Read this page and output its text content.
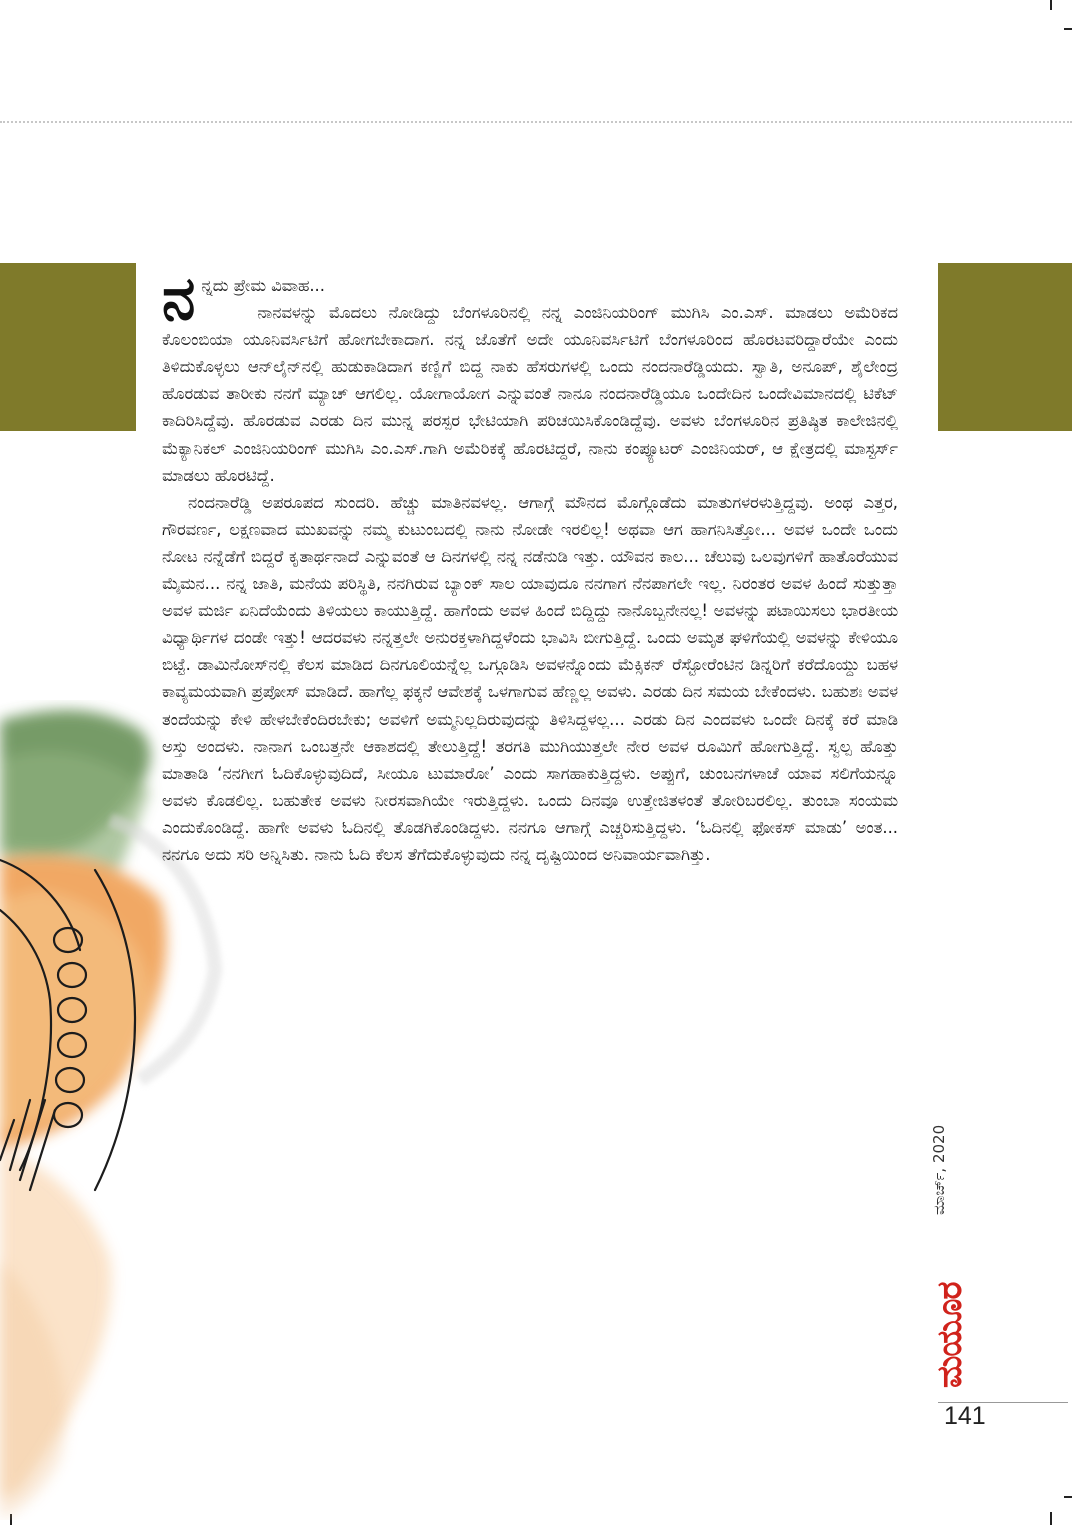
ನ ನ್ನದು ಪ್ರೇಮ ವಿವಾಹ...

ನಾನವಳನ್ನು ಮೊದಲು ನೋಡಿದ್ದು ಬೆಂಗಳೂರಿನಲ್ಲಿ ನನ್ನ ಎಂಜಿನಿಯರಿಂಗ್ ಮುಗಿಸಿ ಎಂ.ಎಸ್. ಮಾಡಲು ಅಮೆರಿಕದ ಕೊಲಂಬಿಯಾ ಯೂನಿವರ್ಸಿಟಿಗೆ ಹೋಗಬೇಕಾದಾಗ. ನನ್ನ ಜೊತೆಗೆ ಅದೇ ಯೂನಿವರ್ಸಿಟಿಗೆ ಬೆಂಗಳೂರಿಂದ ಹೊರಟವರಿದ್ದಾರೆಯೇ ಎಂದು ತಿಳಿದುಕೊಳ್ಳಲು ಆನ್‌ಲೈನ್‌ನಲ್ಲಿ ಹುಡುಕಾಡಿದಾಗ ಕಣ್ಣಿಗೆ ಬಿದ್ದ ನಾಕು ಹೆಸರುಗಳಲ್ಲಿ ಒಂದು ನಂದನಾರೆಡ್ಡಿಯದು. ಸ್ವಾತಿ, ಅನೂಪ್, ಶೈಲೇಂದ್ರ ಹೊರಡುವ ತಾರೀಕು ನನಗೆ ಮ್ಯಾಚ್ ಆಗಲಿಲ್ಲ. ಯೋಗಾಯೋಗ ಎನ್ನುವಂತೆ ನಾನೂ ನಂದನಾರೆಡ್ಡಿಯೂ ಒಂದೇದಿನ ಒಂದೇವಿಮಾನದಲ್ಲಿ ಟಿಕೆಟ್ ಕಾದಿರಿಸಿದ್ದೆವು. ಹೊರಡುವ ಎರಡು ದಿನ ಮುನ್ನ ಪರಸ್ಪರ ಭೇಟಿಯಾಗಿ ಪರಿಚಯಿಸಿಕೊಂಡಿದ್ದೆವು. ಅವಳು ಬೆಂಗಳೂರಿನ ಪ್ರತಿಷ್ಠಿತ ಕಾಲೇಜಿನಲ್ಲಿ ಮೆಕ್ಯಾನಿಕಲ್ ಎಂಜಿನಿಯರಿಂಗ್ ಮುಗಿಸಿ ಎಂ.ಎಸ್.ಗಾಗಿ ಅಮೆರಿಕಕ್ಕೆ ಹೊರಟಿದ್ದರೆ, ನಾನು ಕಂಪ್ಯೂಟರ್ ಎಂಜಿನಿಯರ್, ಆ ಕ್ಷೇತ್ರದಲ್ಲಿ ಮಾಸ್ಟರ್ಸ್ ಮಾಡಲು ಹೊರಟಿದ್ದೆ.

ನಂದನಾರೆಡ್ಡಿ ಅಪರೂಪದ ಸುಂದರಿ. ಹೆಚ್ಚು ಮಾತಿನವಳಲ್ಲ. ಆಗಾಗ್ಗೆ ಮೌನದ ಮೊಗ್ಗೊಡೆದು ಮಾತುಗಳರಳುತ್ತಿದ್ದವು. ಅಂಥ ಎತ್ತರ, ಗೌರವರ್ಣ, ಲಕ್ಷಣವಾದ ಮುಖವನ್ನು ನಮ್ಮ ಕುಟುಂಬದಲ್ಲಿ ನಾನು ನೋಡೇ ಇರಲಿಲ್ಲ! ಅಥವಾ ಆಗ ಹಾಗನಿಸಿತ್ತೋ... ಅವಳ ಒಂದೇ ಒಂದು ನೋಟ ನನ್ನೆಡೆಗೆ ಬಿದ್ದರೆ ಕೃತಾರ್ಥನಾದೆ ಎನ್ನುವಂತೆ ಆ ದಿನಗಳಲ್ಲಿ ನನ್ನ ನಡೆನುಡಿ ಇತ್ತು. ಯೌವನ ಕಾಲ... ಚೆಲುವು ಒಲವುಗಳಿಗೆ ಹಾತೊರೆಯುವ ಮೈಮನ... ನನ್ನ ಜಾತಿ, ಮನೆಯ ಪರಿಸ್ಥಿತಿ, ನನಗಿರುವ ಬ್ಯಾಂಕ್ ಸಾಲ ಯಾವುದೂ ನನಗಾಗ ನೆನಪಾಗಲೇ ಇಲ್ಲ. ನಿರಂತರ ಅವಳ ಹಿಂದೆ ಸುತ್ತುತ್ತಾ ಅವಳ ಮರ್ಜಿ ಏನಿದೆಯೆಂದು ತಿಳಿಯಲು ಕಾಯುತ್ತಿದ್ದೆ. ಹಾಗೆಂದು ಅವಳ ಹಿಂದೆ ಬಿದ್ದಿದ್ದು ನಾನೊಬ್ಬನೇನಲ್ಲ! ಅವಳನ್ನು ಪಟಾಯಿಸಲು ಭಾರತೀಯ ವಿಧ್ಯಾರ್ಥಿಗಳ ದಂಡೇ ಇತ್ತು! ಆದರವಳು ನನ್ನತ್ತಲೇ ಅನುರಕ್ತಳಾಗಿದ್ದಳೆಂದು ಭಾವಿಸಿ ಬೀಗುತ್ತಿದ್ದೆ. ಒಂದು ಅಮೃತ ಘಳಿಗೆಯಲ್ಲಿ ಅವಳನ್ನು ಕೇಳಿಯೂ ಬಿಟ್ಟೆ. ಡಾಮಿನೋಸ್‌ನಲ್ಲಿ ಕೆಲಸ ಮಾಡಿದ ದಿನಗೂಲಿಯನ್ನೆಲ್ಲ ಒಗ್ಗೂಡಿಸಿ ಅವಳನ್ನೊಂದು ಮೆಕ್ಸಿಕನ್ ರೆಸ್ಟೋರೆಂಟಿನ ಡಿನ್ನರಿಗೆ ಕರೆದೊಯ್ದು ಬಹಳ ಕಾವ್ಯಮಯವಾಗಿ ಪ್ರಪೋಸ್ ಮಾಡಿದೆ. ಹಾಗೆಲ್ಲ ಫಕ್ಕನೆ ಆವೇಶಕ್ಕೆ ಒಳಗಾಗುವ ಹೆಣ್ಣಲ್ಲ ಅವಳು. ಎರಡು ದಿನ ಸಮಯ ಬೇಕೆಂದಳು. ಬಹುಶಃ ಅವಳ ತಂದೆಯನ್ನು ಕೇಳಿ ಹೇಳಬೇಕೆಂದಿರಬೇಕು; ಅವಳಿಗೆ ಅಮ್ಮನಿಲ್ಲದಿರುವುದನ್ನು ತಿಳಿಸಿದ್ದಳಲ್ಲ... ಎರಡು ದಿನ ಎಂದವಳು ಒಂದೇ ದಿನಕ್ಕೆ ಕರೆ ಮಾಡಿ ಅಸ್ತು ಅಂದಳು. ನಾನಾಗ ಒಂಬತ್ತನೇ ಆಕಾಶದಲ್ಲಿ ತೇಲುತ್ತಿದ್ದೆ! ತರಗತಿ ಮುಗಿಯುತ್ತಲೇ ನೇರ ಅವಳ ರೂಮಿಗೆ ಹೋಗುತ್ತಿದ್ದೆ. ಸ್ವಲ್ಪ ಹೊತ್ತು ಮಾತಾಡಿ ‘ನನಗೀಗ ಓದಿಕೊಳ್ಳುವುದಿದೆ, ಸೀಯೂ ಟುಮಾರೋ’ ಎಂದು ಸಾಗಹಾಕುತ್ತಿದ್ದಳು. ಅಪ್ಪುಗೆ, ಚುಂಬನಗಳಾಚೆ ಯಾವ ಸಲಿಗೆಯನ್ನೂ ಅವಳು ಕೊಡಲಿಲ್ಲ. ಬಹುತೇಕ ಅವಳು ನೀರಸವಾಗಿಯೇ ಇರುತ್ತಿದ್ದಳು. ಒಂದು ದಿನವೂ ಉತ್ತೇಜಿತಳಂತೆ ತೋರಿಬರಲಿಲ್ಲ. ತುಂಬಾ ಸಂಯಮ ಎಂದುಕೊಂಡಿದ್ದೆ. ಹಾಗೇ ಅವಳು ಓದಿನಲ್ಲಿ ತೊಡಗಿಕೊಂಡಿದ್ದಳು. ನನಗೂ ಆಗಾಗ್ಗೆ ಎಚ್ಚರಿಸುತ್ತಿದ್ದಳು. ‘ಓದಿನಲ್ಲಿ ಫೋಕಸ್ ಮಾಡು’ ಅಂತ... ನನಗೂ ಅದು ಸರಿ ಅನ್ನಿಸಿತು. ನಾನು ಓದಿ ಕೆಲಸ ತೆಗೆದುಕೊಳ್ಳುವುದು ನನ್ನ ದೃಷ್ಟಿಯಿಂದ ಅನಿವಾರ್ಯವಾಗಿತ್ತು.

ಮಾರ್ಚ್, 2020
ಮಯೂರ
141
